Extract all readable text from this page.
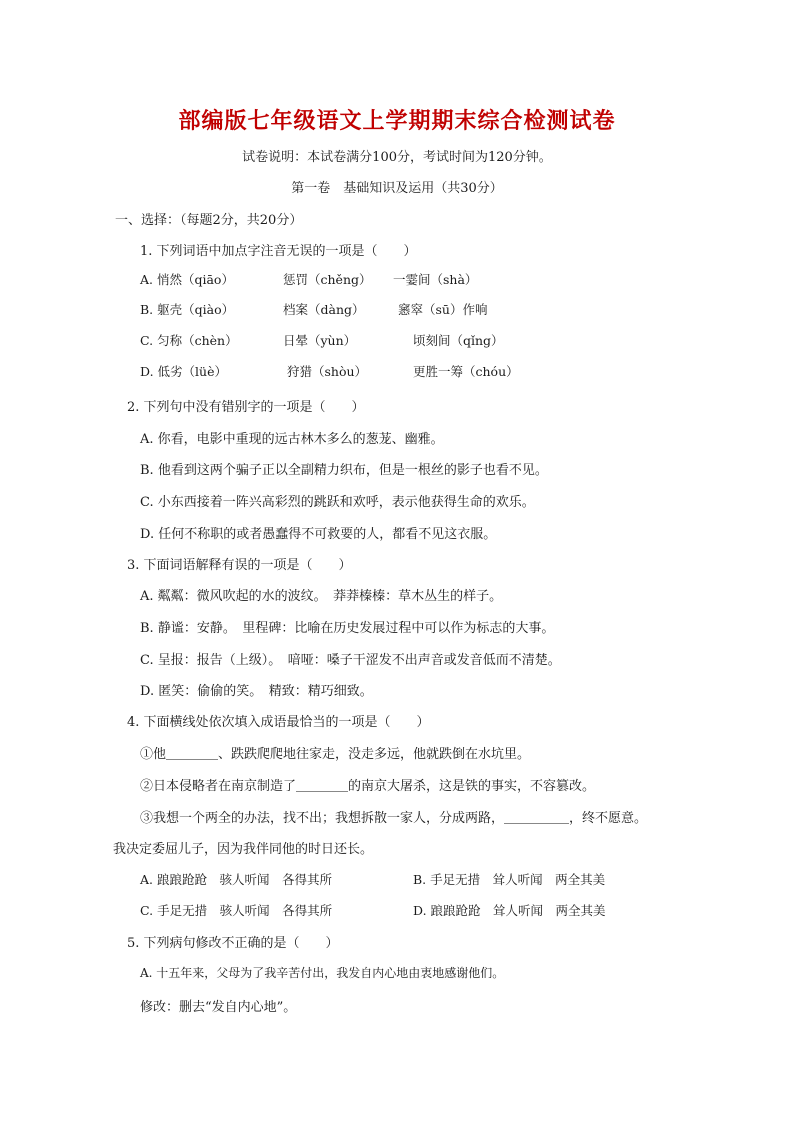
部编版七年级语文上学期期末综合检测试卷
试卷说明：本试卷满分100分，考试时间为120分钟。
第一卷　基础知识及运用（共30分）
一、选择：（每题2分，共20分）
1. 下列词语中加点字注音无误的一项是（　　）
A. 悄然（qiāo）	惩罚（chěng） 一霎间（shà）
B. 躯壳（qiào）	档案（dàng）	窸窣（sū）作响
C. 匀称（chèn）	日晕（yùn）	顷刻间（qǐng）
D. 低劣（lüè）	狩猎（shòu）	更胜一筹（chóu）
2. 下列句中没有错别字的一项是（　　）
A. 你看，电影中重现的远古林木多么的葱茏、幽雅。
B. 他看到这两个骗子正以全副精力织布，但是一根丝的影子也看不见。
C. 小东西接着一阵兴高彩烈的跳跃和欢呼，表示他获得生命的欢乐。
D. 任何不称职的或者愚蠢得不可救要的人，都看不见这衣服。
3. 下面词语解释有误的一项是（　　）
A. 粼粼：微风吹起的水的波纹。　莽莽榛榛：草木丛生的样子。
B. 静谧：安静。　里程碑：比喻在历史发展过程中可以作为标志的大事。
C. 呈报：报告（上级）。　喑哑：嗓子干涩发不出声音或发音低而不清楚。
D. 匿笑：偷偷的笑。　精致：精巧细致。
4. 下面横线处依次填入成语最恰当的一项是（　　）
①他＿＿＿＿、跌跌爬爬地往家走，没走多远，他就跌倒在水坑里。
②日本侵略者在南京制造了＿＿＿＿的南京大屠杀，这是铁的事实，不容篡改。
③我想一个两全的办法，找不出；我想拆散一家人，分成两路，＿＿＿＿＿，终不愿意。
我决定委屈儿子，因为我伴同他的时日还长。
A. 踉踉跄跄　骇人听闻　各得其所	B. 手足无措　耸人听闻　两全其美
C. 手足无措　骇人听闻　各得其所	D. 踉踉跄跄　耸人听闻　两全其美
5. 下列病句修改不正确的是（　　）
A. 十五年来，父母为了我辛苦付出，我发自内心地由衷地感谢他们。
修改：删去“发自内心地”。
